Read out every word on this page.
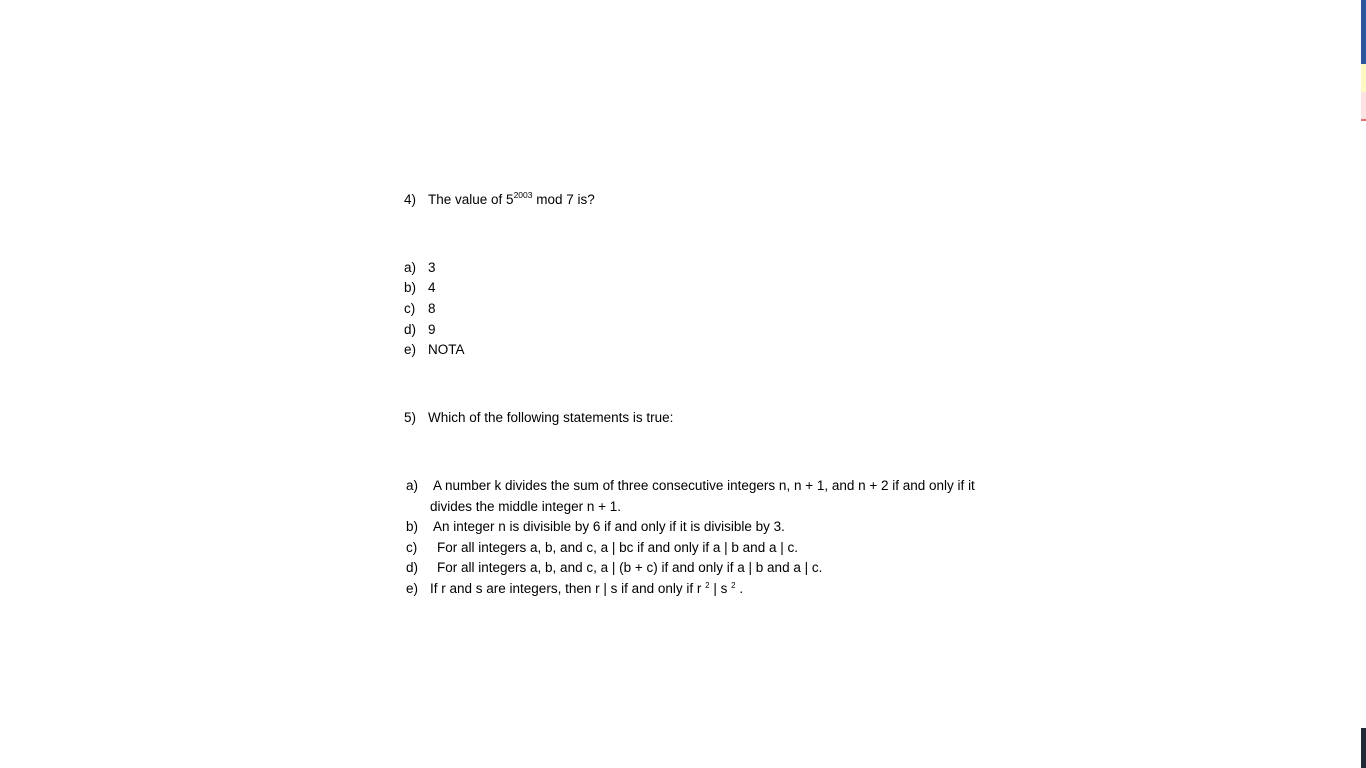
4) The value of $5^{2003}$ mod 7 is?
a) 3
b) 4
c) 8
d) 9
e) NOTA
5) Which of the following statements is true:
a) A number k divides the sum of three consecutive integers n, n + 1, and n + 2 if and only if it
divides the middle integer n + 1.
b) An integer n is divisible by 6 if and only if it is divisible by 3.
c) For all integers a, b, and c, a | bc if and only if a | b and a | c.
d) For all integers a, b, and c, a | (b + c) if and only if a | b and a | c.
e) If r and s are integers, then r | s if and only if r $^2$ | s $^2$ .
